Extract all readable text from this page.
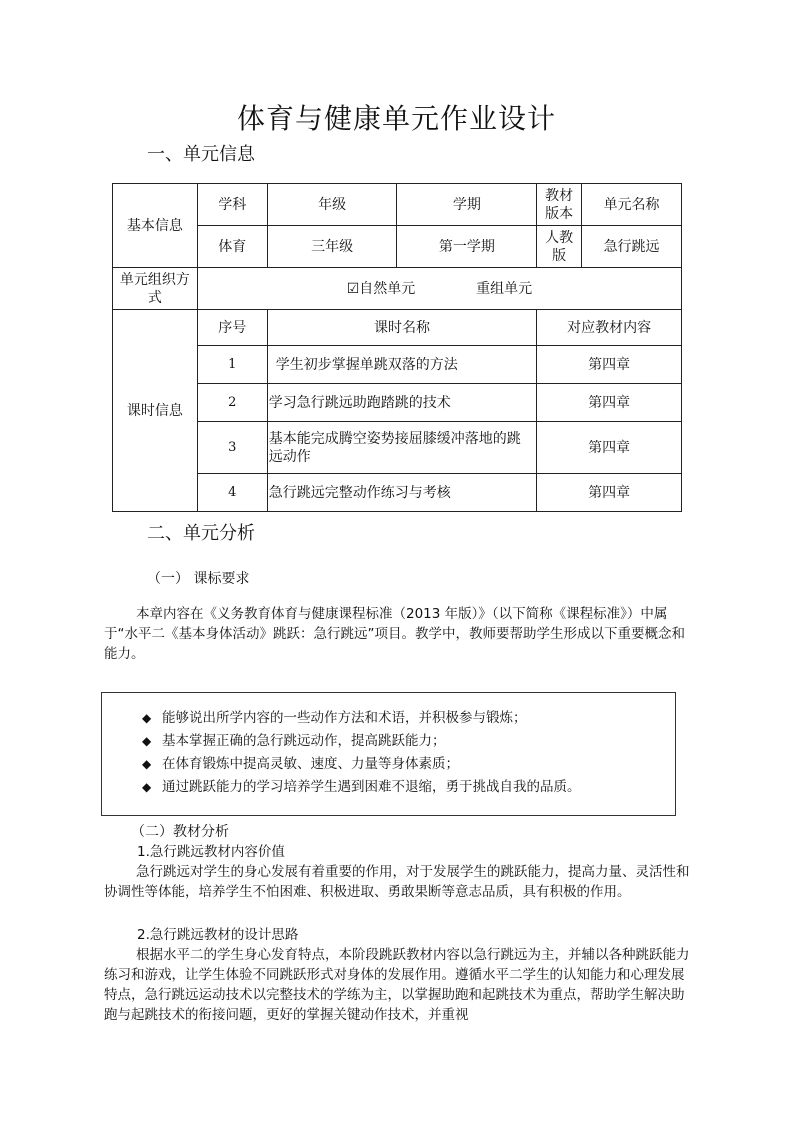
体育与健康单元作业设计
一、单元信息
基本信息	学科	年级	学期	教材版本	单元名称
	体育	三年级	第一学期	人教版	急行跳远
单元组织方式	☑自然单元 重组单元				
课时信息	序号	课时名称		对应教材内容	
	1	学生初步掌握单跳双落的方法		第四章	
	2	学习急行跳远助跑踏跳的技术		第四章	
	3	基本能完成腾空姿势接屈膝缓冲落地的跳远动作		第四章	
	4	急行跳远完整动作练习与考核		第四章	
二、单元分析
（一） 课标要求
本章内容在《义务教育体育与健康课程标准（2013 年版）》（以下简称《课程标准》）中属于“水平二《基本身体活动》跳跃：急行跳远”项目。教学中，教师要帮助学生形成以下重要概念和能力。
◆ 能够说出所学内容的一些动作方法和术语，并积极参与锻炼；
◆ 基本掌握正确的急行跳远动作，提高跳跃能力；
◆ 在体育锻炼中提高灵敏、速度、力量等身体素质；
◆ 通过跳跃能力的学习培养学生遇到困难不退缩，勇于挑战自我的品质。
（二）教材分析
1.急行跳远教材内容价值
急行跳远对学生的身心发展有着重要的作用，对于发展学生的跳跃能力，提高力量、灵活性和协调性等体能，培养学生不怕困难、积极进取、勇敢果断等意志品质，具有积极的作用。
2.急行跳远教材的设计思路
根据水平二的学生身心发育特点，本阶段跳跃教材内容以急行跳远为主，并辅以各种跳跃能力练习和游戏，让学生体验不同跳跃形式对身体的发展作用。遵循水平二学生的认知能力和心理发展特点，急行跳远运动技术以完整技术的学练为主，以掌握助跑和起跳技术为重点，帮助学生解决助跑与起跳技术的衔接问题，更好的掌握关键动作技术，并重视
